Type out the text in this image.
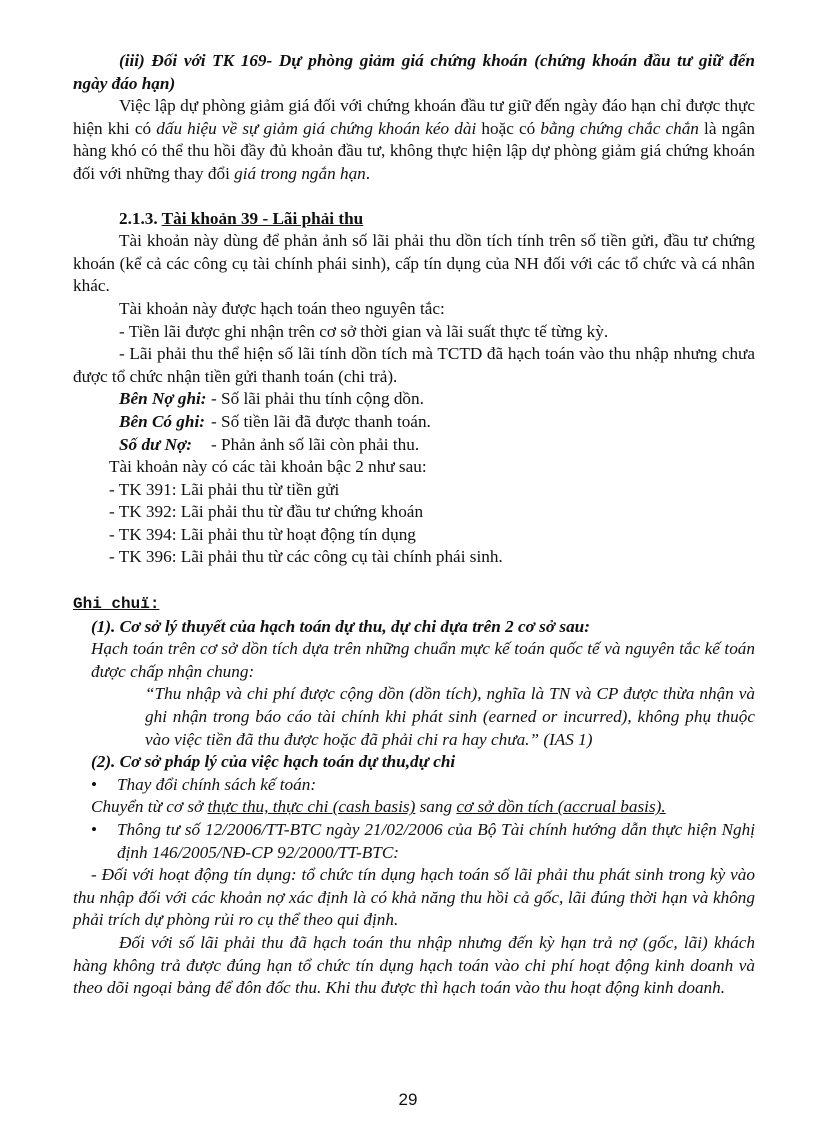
(iii) Đối với TK 169- Dự phòng giảm giá chứng khoán (chứng khoán đầu tư giữ đến ngày đáo hạn)

Việc lập dự phòng giảm giá đối với chứng khoán đầu tư giữ đến ngày đáo hạn chỉ được thực hiện khi có dấu hiệu về sự giảm giá chứng khoán kéo dài hoặc có bằng chứng chắc chắn là ngân hàng khó có thể thu hồi đầy đủ khoản đầu tư, không thực hiện lập dự phòng giảm giá chứng khoán đối với những thay đổi giá trong ngắn hạn.

2.1.3. Tài khoản 39 - Lãi phải thu

Tài khoản này dùng để phản ảnh số lãi phải thu dồn tích tính trên số tiền gửi, đầu tư chứng khoán (kể cả các công cụ tài chính phái sinh), cấp tín dụng của NH đối với các tổ chức và cá nhân khác.

Tài khoản này được hạch toán theo nguyên tắc:

- Tiền lãi được ghi nhận trên cơ sở thời gian và lãi suất thực tế từng kỳ.

- Lãi phải thu thể hiện số lãi tính dồn tích mà TCTD đã hạch toán vào thu nhập nhưng chưa được tổ chức nhận tiền gửi thanh toán (chi trả).

Bên Nợ ghi: - Số lãi phải thu tính cộng dồn.
Bên Có ghi: - Số tiền lãi đã được thanh toán.
Số dư Nợ:	- Phản ảnh số lãi còn phải thu.

Tài khoản này có các tài khoản bậc 2 như sau:

- TK 391: Lãi phải thu từ tiền gửi

- TK 392: Lãi phải thu từ đầu tư chứng khoán

- TK 394: Lãi phải thu từ hoạt động tín dụng

- TK 396: Lãi phải thu từ các công cụ tài chính phái sinh.

Ghi chuï:

(1). Cơ sở lý thuyết của hạch toán dự thu, dự chi dựa trên 2 cơ sở sau:

Hạch toán trên cơ sở dồn tích dựa trên những chuẩn mực kế toán quốc tế và nguyên tắc kế toán được chấp nhận chung:

“Thu nhập và chi phí được cộng dồn (dồn tích), nghĩa là TN và CP được thừa nhận và ghi nhận trong báo cáo tài chính khi phát sinh (earned or incurred), không phụ thuộc vào việc tiền đã thu được hoặc đã phải chi ra hay chưa.” (IAS 1)

(2). Cơ sở pháp lý của việc hạch toán dự thu,dự chi

•	Thay đổi chính sách kế toán:

Chuyển từ cơ sở thực thu, thực chi (cash basis) sang cơ sở dồn tích (accrual basis).

•	Thông tư số 12/2006/TT-BTC ngày 21/02/2006 của Bộ Tài chính hướng dẫn thực hiện Nghị định 146/2005/NĐ-CP 92/2000/TT-BTC:

- Đối với hoạt động tín dụng: tổ chức tín dụng hạch toán số lãi phải thu phát sinh trong kỳ vào thu nhập đối với các khoản nợ xác định là có khả năng thu hồi cả gốc, lãi đúng thời hạn và không phải trích dự phòng rủi ro cụ thể theo qui định.

Đối với số lãi phải thu đã hạch toán thu nhập nhưng đến kỳ hạn trả nợ (gốc, lãi) khách hàng không trả được đúng hạn tổ chức tín dụng hạch toán vào chi phí hoạt động kinh doanh và theo dõi ngoại bảng để đôn đốc thu. Khi thu được thì hạch toán vào thu hoạt động kinh doanh.

29
